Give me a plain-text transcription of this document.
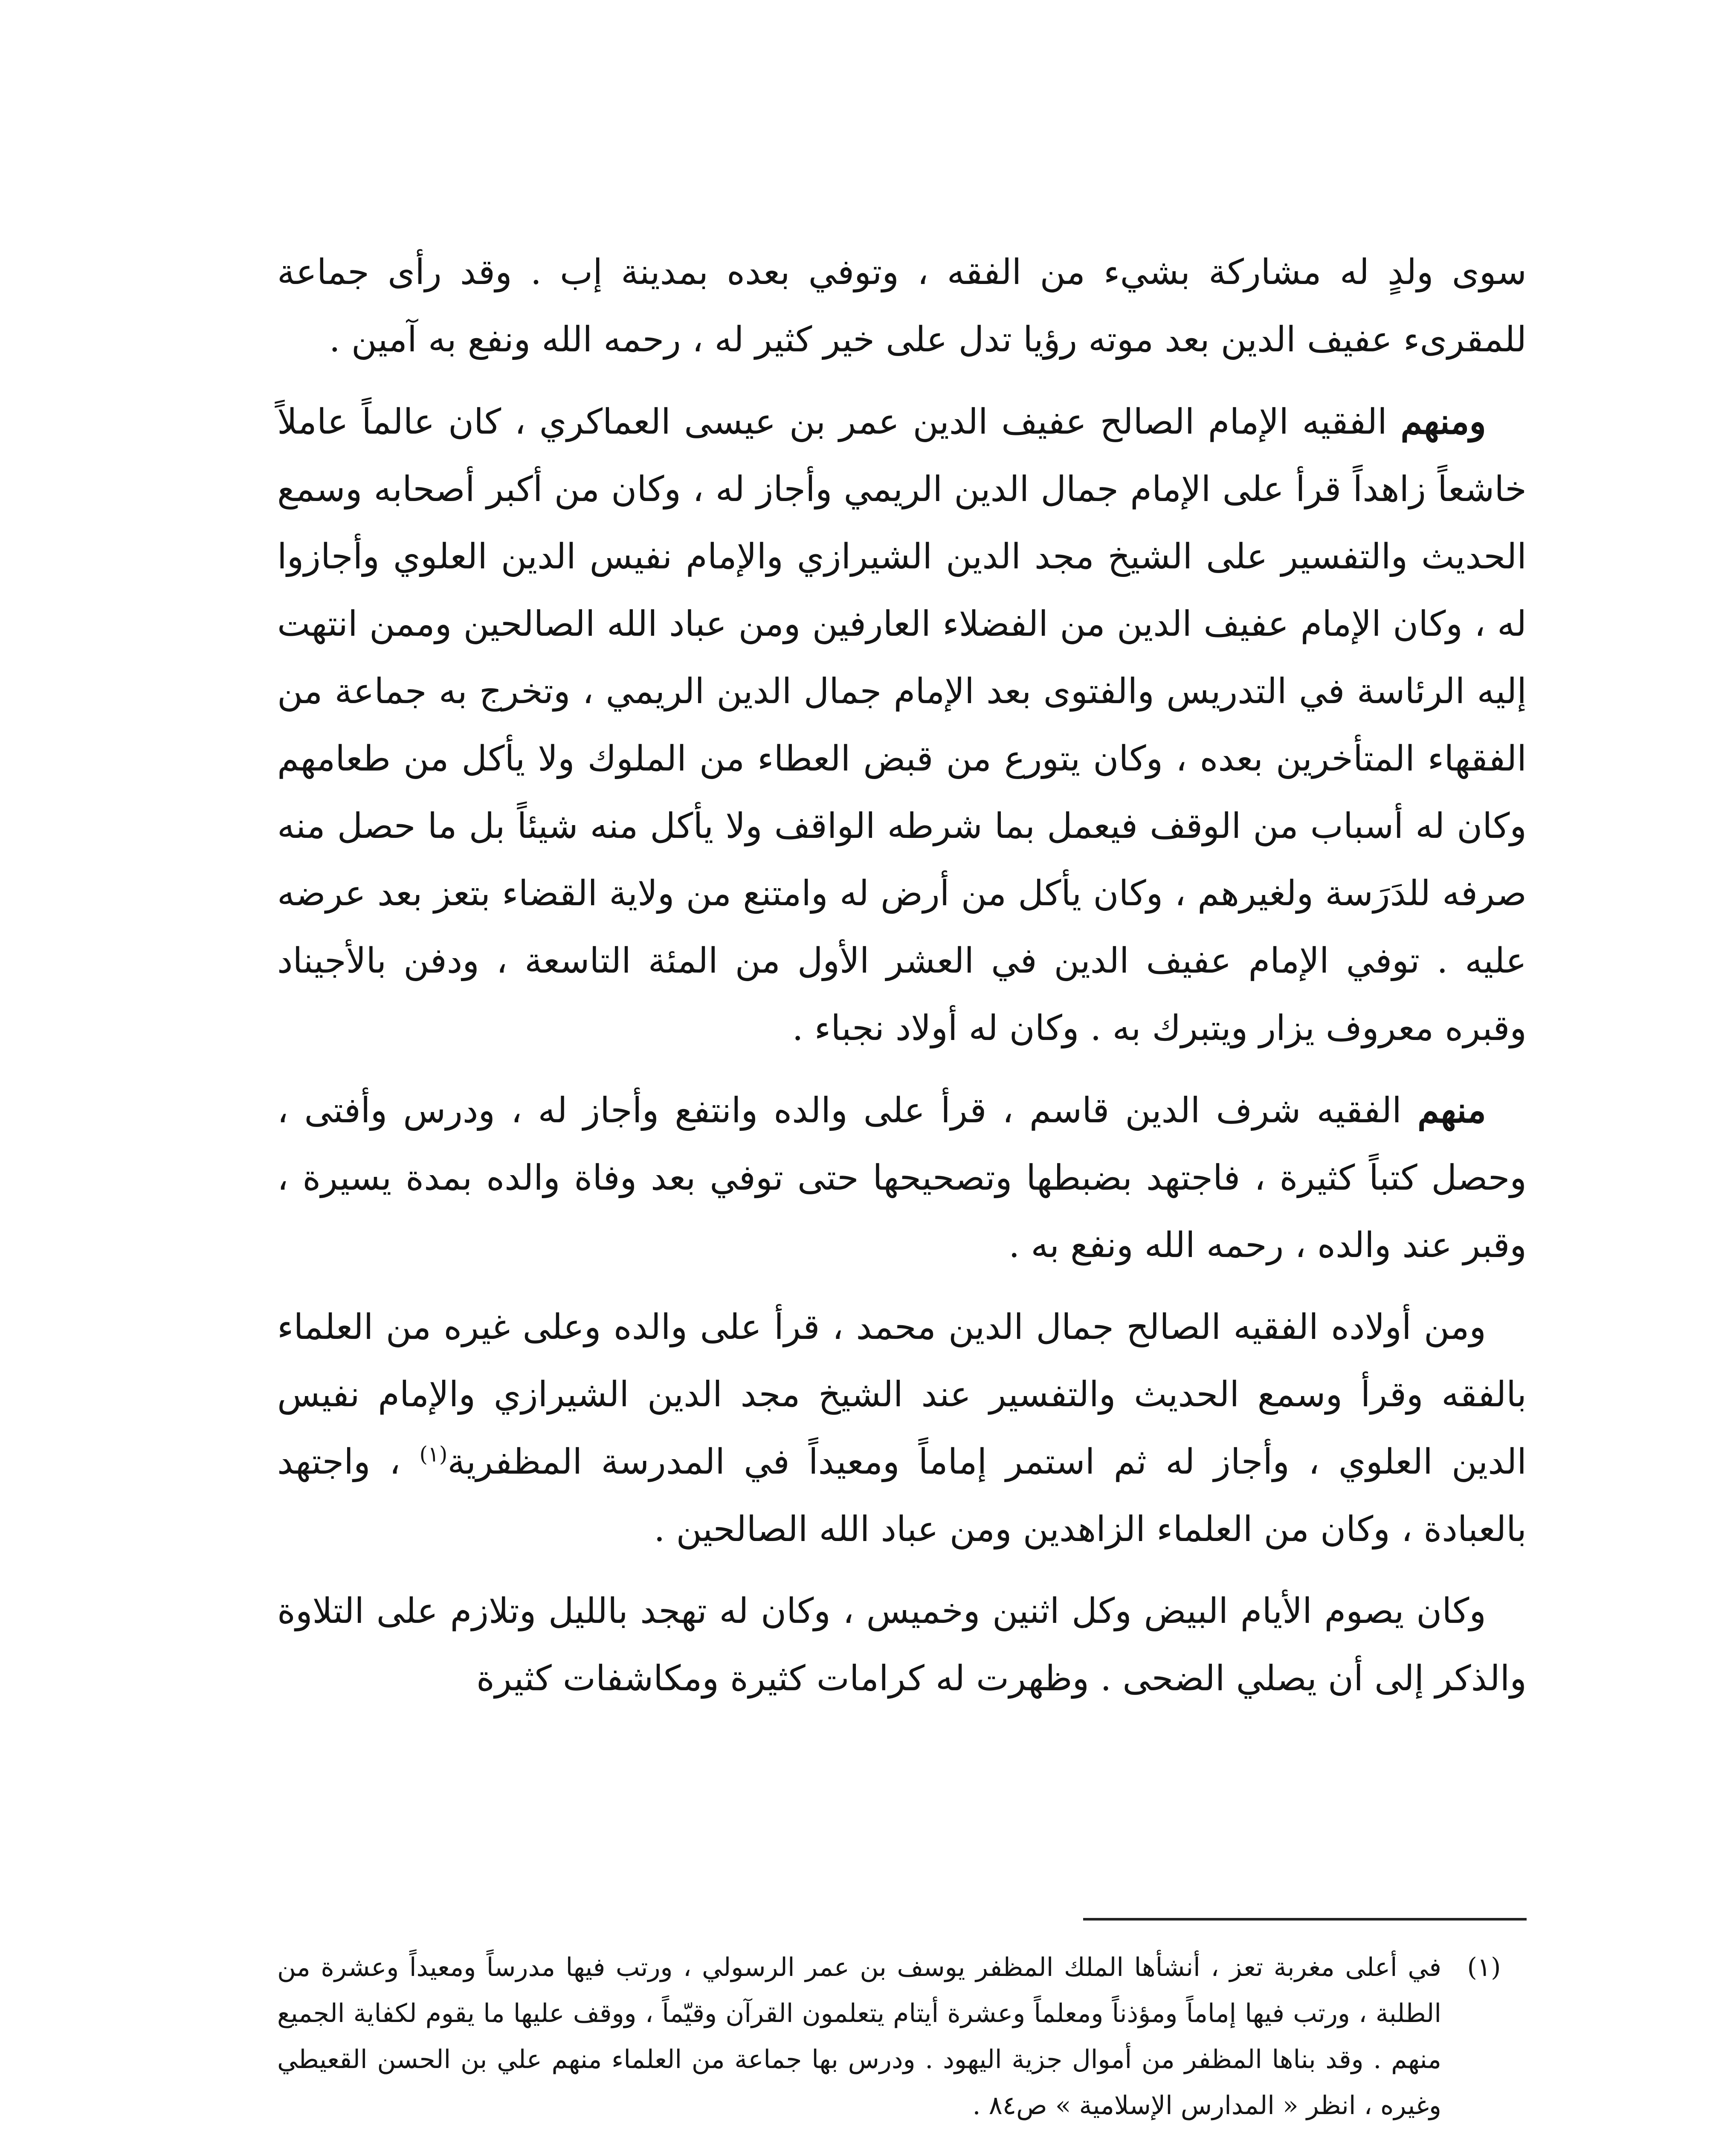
سوى ولدٍ له مشاركة بشيء من الفقه ، وتوفي بعده بمدينة إب . وقد رأى جماعة للمقرىء عفيف الدين بعد موته رؤيا تدل على خير كثير له ، رحمه الله ونفع به آمين .

ومنهم الفقيه الإمام الصالح عفيف الدين عمر بن عيسى العماكري ، كان عالماً عاملاً خاشعاً زاهداً قرأ على الإمام جمال الدين الريمي وأجاز له ، وكان من أكبر أصحابه وسمع الحديث والتفسير على الشيخ مجد الدين الشيرازي والإمام نفيس الدين العلوي وأجازوا له ، وكان الإمام عفيف الدين من الفضلاء العارفين ومن عباد الله الصالحين وممن انتهت إليه الرئاسة في التدريس والفتوى بعد الإمام جمال الدين الريمي ، وتخرج به جماعة من الفقهاء المتأخرين بعده ، وكان يتورع من قبض العطاء من الملوك ولا يأكل من طعامهم وكان له أسباب من الوقف فيعمل بما شرطه الواقف ولا يأكل منه شيئاً بل ما حصل منه صرفه للدَرَسة ولغيرهم ، وكان يأكل من أرض له وامتنع من ولاية القضاء بتعز بعد عرضه عليه . توفي الإمام عفيف الدين في العشر الأول من المئة التاسعة ، ودفن بالأجيناد وقبره معروف يزار ويتبرك به . وكان له أولاد نجباء .

منهم الفقيه شرف الدين قاسم ، قرأ على والده وانتفع وأجاز له ، ودرس وأفتى ، وحصل كتباً كثيرة ، فاجتهد بضبطها وتصحيحها حتى توفي بعد وفاة والده بمدة يسيرة ، وقبر عند والده ، رحمه الله ونفع به .

ومن أولاده الفقيه الصالح جمال الدين محمد ، قرأ على والده وعلى غيره من العلماء بالفقه وقرأ وسمع الحديث والتفسير عند الشيخ مجد الدين الشيرازي والإمام نفيس الدين العلوي ، وأجاز له ثم استمر إماماً ومعيداً في المدرسة المظفرية$^{(١)}$ ، واجتهد بالعبادة ، وكان من العلماء الزاهدين ومن عباد الله الصالحين .

وكان يصوم الأيام البيض وكل اثنين وخميس ، وكان له تهجد بالليل وتلازم على التلاوة والذكر إلى أن يصلي الضحى . وظهرت له كرامات كثيرة ومكاشفات كثيرة

(١)
في أعلى مغربة تعز ، أنشأها الملك المظفر يوسف بن عمر الرسولي ، ورتب فيها مدرساً ومعيداً وعشرة من الطلبة ، ورتب فيها إماماً ومؤذناً ومعلماً وعشرة أيتام يتعلمون القرآن وقيّماً ، ووقف عليها ما يقوم لكفاية الجميع منهم . وقد بناها المظفر من أموال جزية اليهود . ودرس بها جماعة من العلماء منهم علي بن الحسن القعيطي وغيره ، انظر « المدارس الإسلامية » ص٨٤ .
